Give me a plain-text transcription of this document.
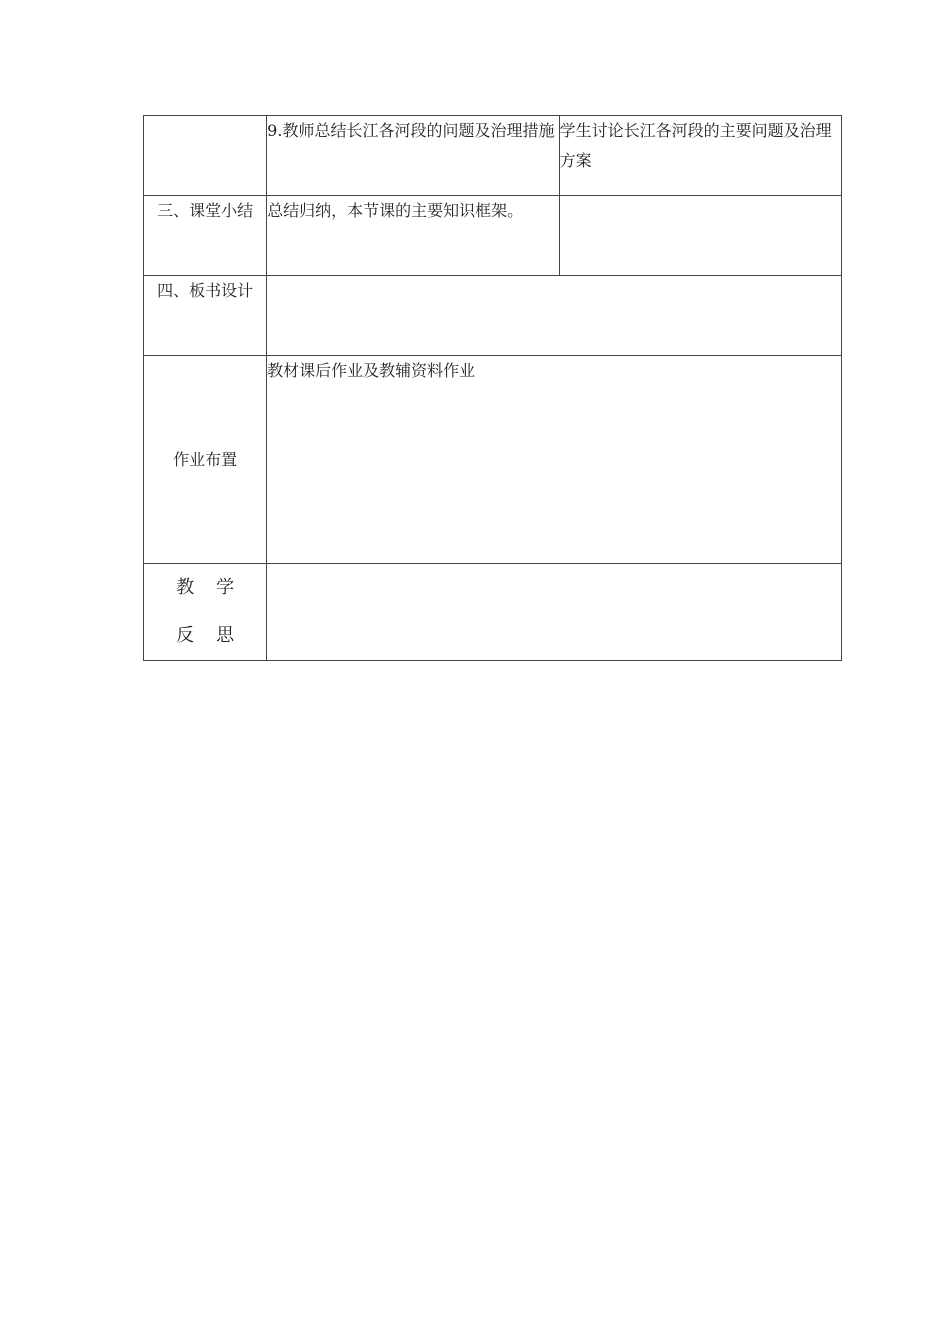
	9.教师总结长江各河段的问题及治理措施	学生讨论长江各河段的主要问题及治理方案
三、课堂小结	总结归纳，本节课的主要知识框架。	
四、板书设计		
作业布置	教材课后作业及教辅资料作业	

教学
反思		
